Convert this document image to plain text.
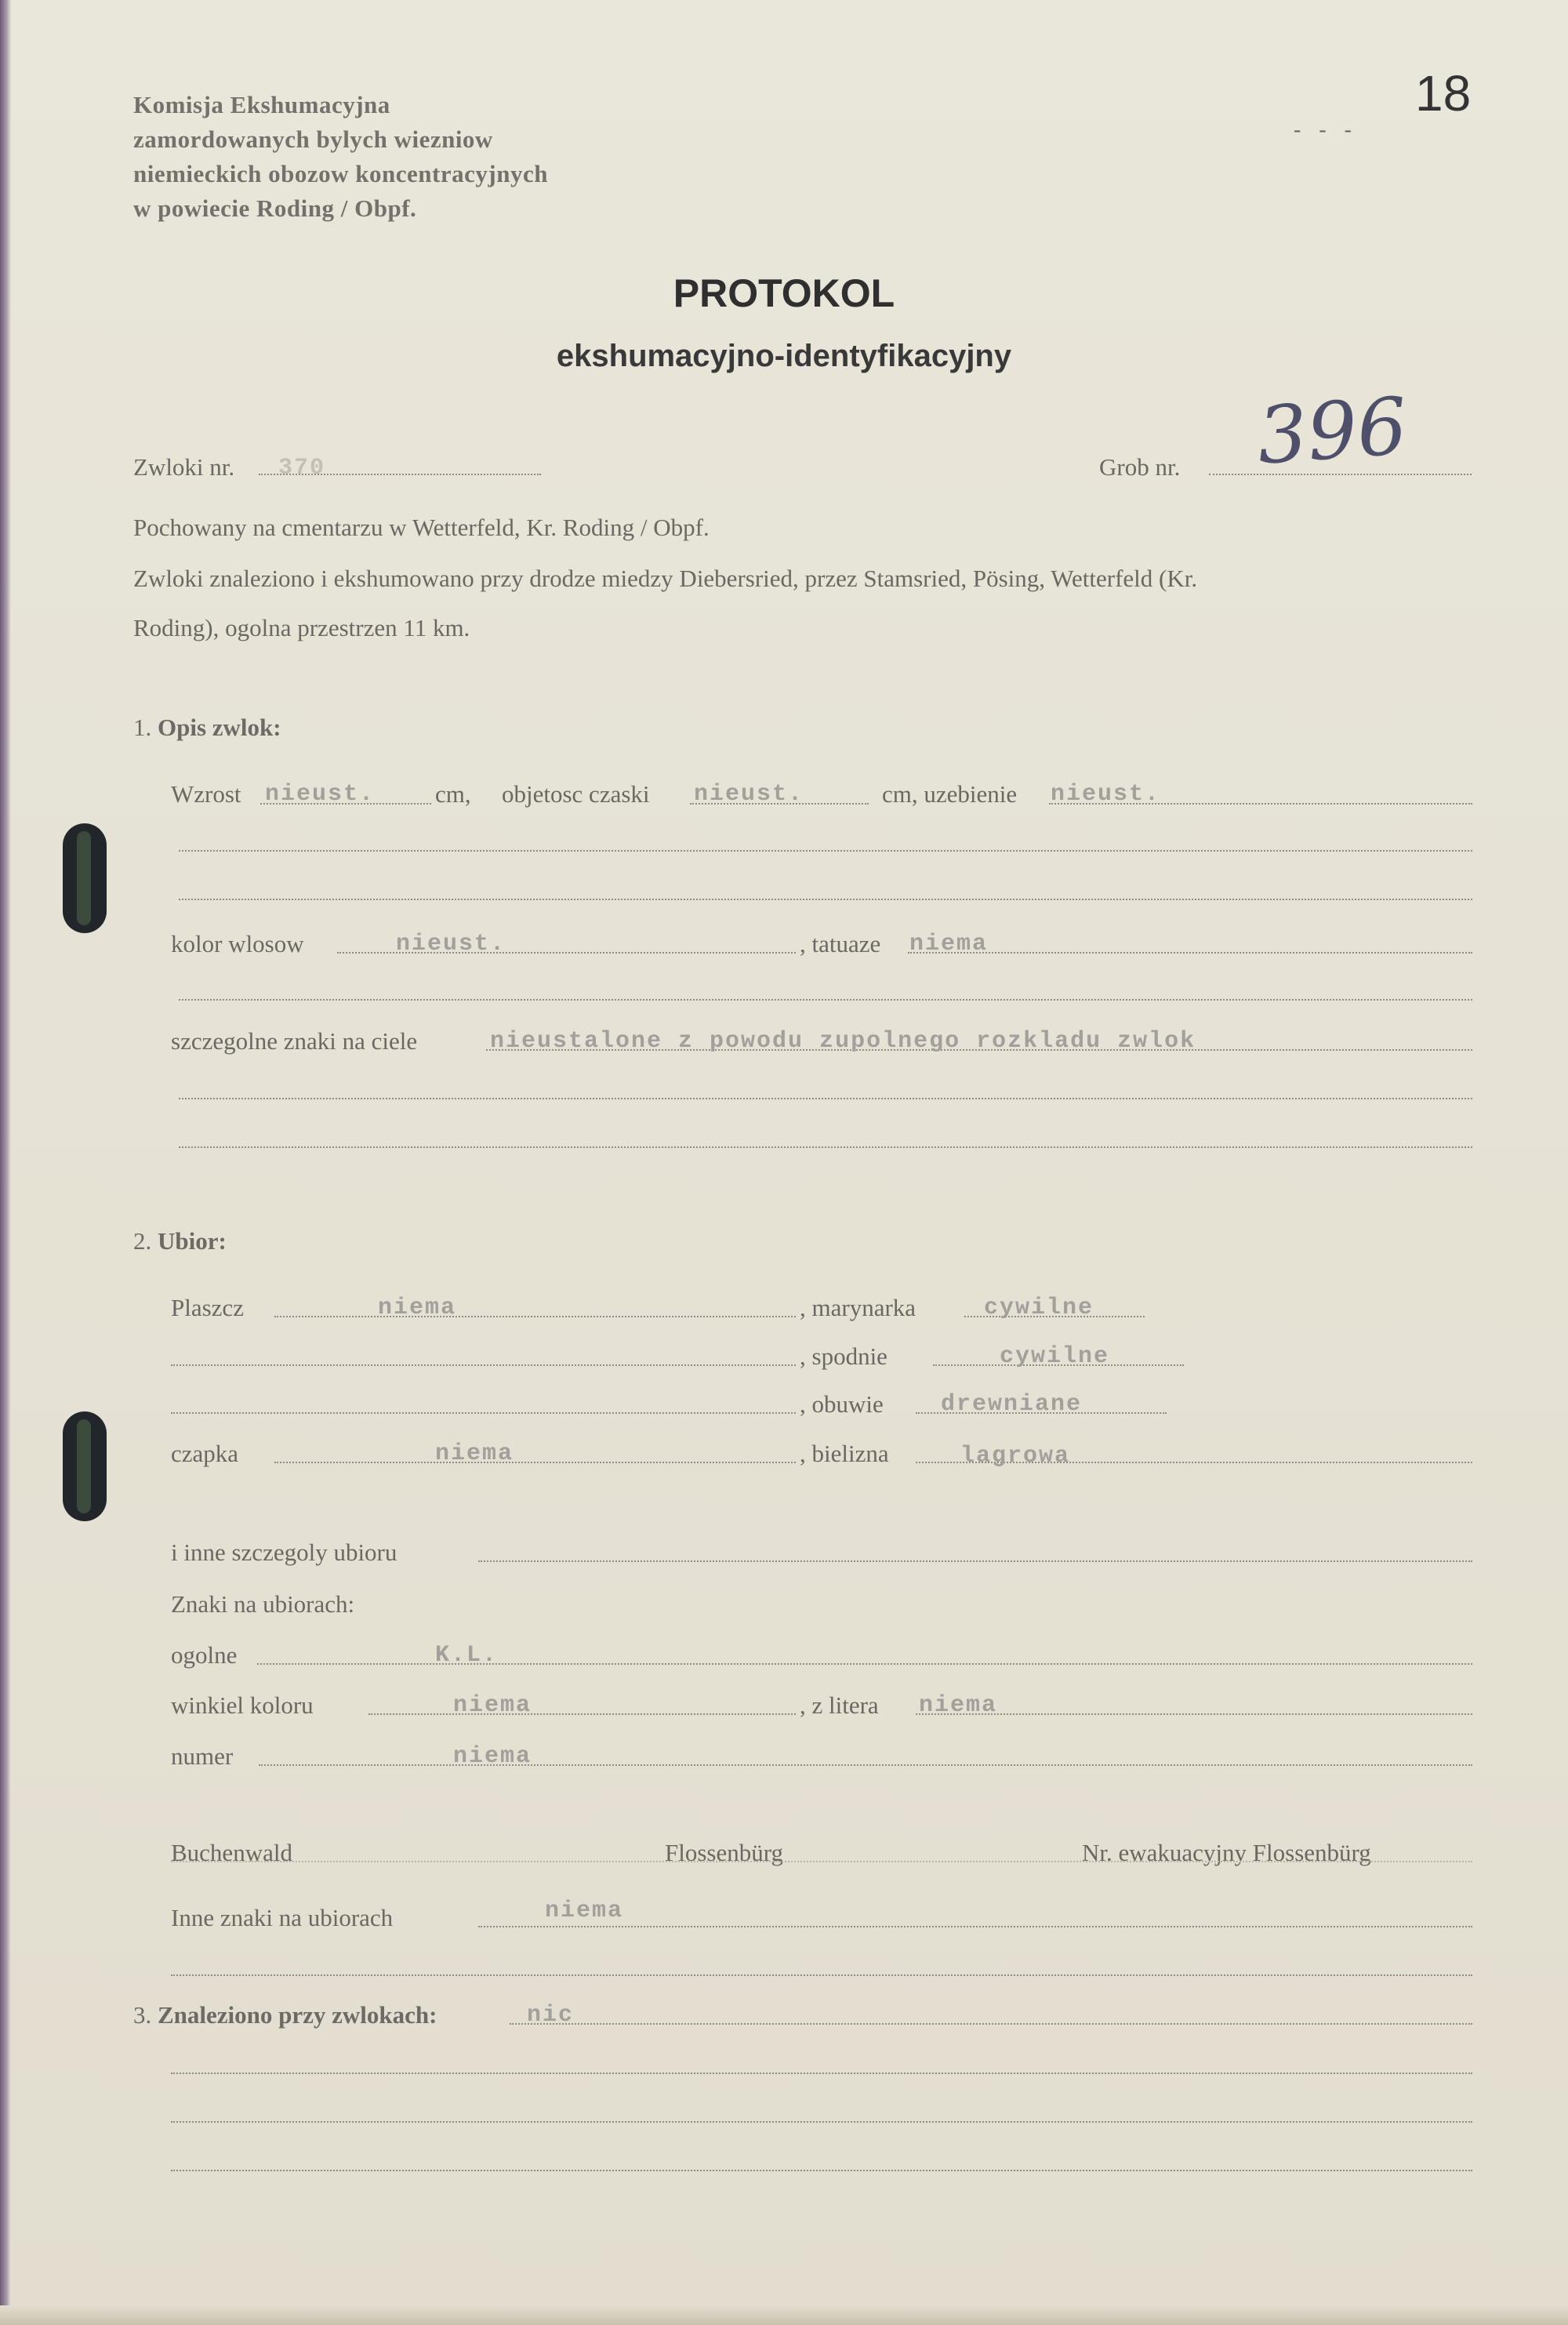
Komisja Ekshumacyjna
zamordowanych bylych wiezniow
niemieckich obozow koncentracyjnych
w powiecie Roding / Obpf.
18
- - -
PROTOKOL
ekshumacyjno-identyfikacyjny
Zwloki nr. 370	Grob nr. 396
Pochowany na cmentarzu w Wetterfeld, Kr. Roding / Obpf.
Zwloki znaleziono i ekshumowano przy drodze miedzy Diebersried, przez Stamsried, Pösing, Wetterfeld (Kr.
Roding), ogolna przestrzen 11 km.
1. Opis zwlok:
Wzrost nieust. cm, objetosc czaski nieust.	cm, uzebienie nieust.
kolor wlosow	nieust.	, tatuaze niema
szczegolne znaki na ciele	nieustalone z powodu zupolnego rozkladu zwlok
2. Ubior:
Plaszcz	niema	, marynarka	cywilne
, spodnie	cywilne
, obuwie drewniane
czapka	niema	, bielizna	lagrowa
i inne szczegoly ubioru
Znaki na ubiorach:
ogolne	K.L.
winkiel koloru	niema	, z litera niema
numer	niema
Buchenwald	Flossenbürg	Nr. ewakuacyjny Flossenbürg
Inne znaki na ubiorach	niema
3. Znaleziono przy zwlokach:	nic
